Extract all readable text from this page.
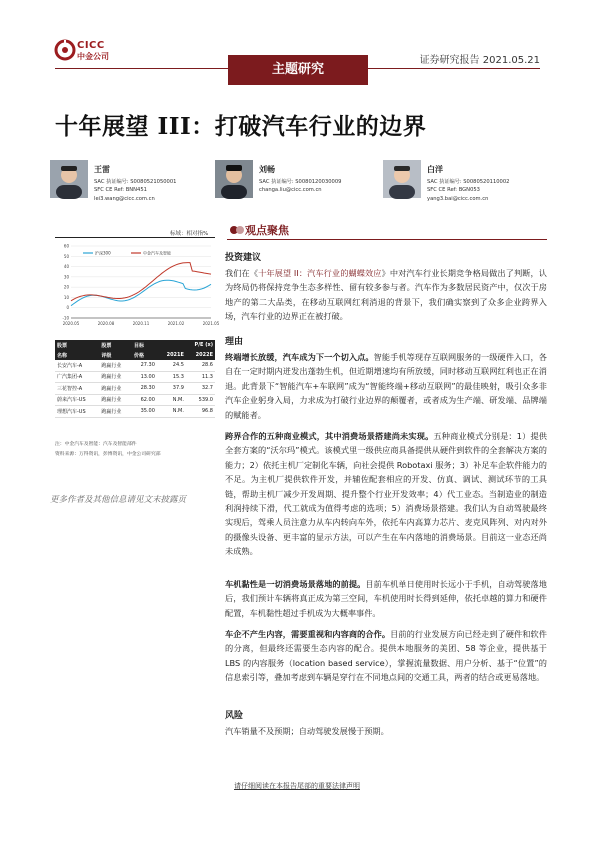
CICC
中金公司	证券研究报告 2021.05.21
主题研究
十年展望 III：打破汽车行业的边界
王雷
SAC 执证编号: S0080521050001
SFC CE Ref: BNN451
lei3.wang@cicc.com.cn
刘畅
SAC 执证编号: S0080120030009
changa.liu@cicc.com.cn
白洋
SAC 执证编号: S0080520110002
SFC CE Ref: BGN053
yang3.bai@cicc.com.cn
标域：相对指%
60
50
40
30
20
10
0
-10
2020.05	2020.08	2020.11	2021.02	2021.05
沪深300	中金汽车及智能
股票	股票	目标	P/E (x)	
名称	评级	价格	2021E	2022E
长安汽车-A	跑赢行业	27.30	24.5	28.6
广汽集团-A	跑赢行业	13.00	15.3	11.3
三花智控-A	跑赢行业	28.30	37.9	32.7
蔚来汽车-US	跑赢行业	62.00	N.M.	539.0
理想汽车-US	跑赢行业	35.00	N.M.	96.8
注：中金汽车及智能：汽车及智能部件
资料来源：万得资讯，彭博资讯，中金公司研究部
更多作者及其他信息请见文末披露页
观点聚焦
投资建议
我们在《十年展望 II：汽车行业的蝴蝶效应》中对汽车行业长期竞争格局做出了判断，认为终局仍将保持竞争生态多样性、留有较多参与者。汽车作为多数居民资产中，仅次于房地产的第二大品类，在移动互联网红利消退的背景下，我们确实察到了众多企业跨界入场，汽车行业的边界正在被打破。
理由
终端增长放缓，汽车成为下一个切入点。智能手机等现存互联网服务的一级硬件入口，各自在一定时期内迸发出蓬勃生机，但近期增速均有所放缓，同时移动互联网红利也正在消退。此背景下“智能汽车+车联网”成为“智能终端+移动互联网”的最佳映射，吸引众多非汽车企业躬身入局，力求成为打破行业边界的颠覆者，或者成为生产端、研发端、品牌端的赋能者。
跨界合作的五种商业模式，其中消费场景搭建尚未实现。五种商业模式分别是：1）提供全套方案的“沃尔玛”模式。该模式里一级供应商具备提供从硬件到软件的全套解决方案的能力；2）依托主机厂定制化车辆，向社会提供 Robotaxi 服务；3）补足车企软件能力的不足。为主机厂提供软件开发，并辅佐配套相应的开发、仿真、调试、测试环节的工具链，帮助主机厂减少开发周期、提升整个行业开发效率；4）代工业态。当制造业的制造利润持续下滑，代工就成为值得考虑的选项；5）消费场景搭建。我们认为自动驾驶最终实现后，驾乘人员注意力从车内转向车外，依托车内高算力芯片、麦克风阵列、对内对外的摄像头设备、更丰富的显示方法，可以产生在车内落地的消费场景。目前这一业态还尚未成熟。
车机黏性是一切消费场景落地的前提。目前车机单日使用时长远小于手机，自动驾驶落地后，我们预计车辆将真正成为第三空间，车机使用时长得到延伸，依托卓越的算力和硬件配置，车机黏性超过手机成为大概率事件。
车企不产生内容，需要重视和内容商的合作。目前的行业发展方向已经走到了硬件和软件的分离，但最终还需要生态内容的配合。提供本地服务的美团、58 等企业，提供基于 LBS 的内容服务（location based service），掌握流量数据、用户分析、基于“位置”的信息索引等，叠加考虑到车辆是穿行在不同地点间的交通工具，两者的结合或更易落地。
风险
汽车销量不及预期；自动驾驶发展慢于预期。
请仔细阅读在本报告尾部的重要法律声明
